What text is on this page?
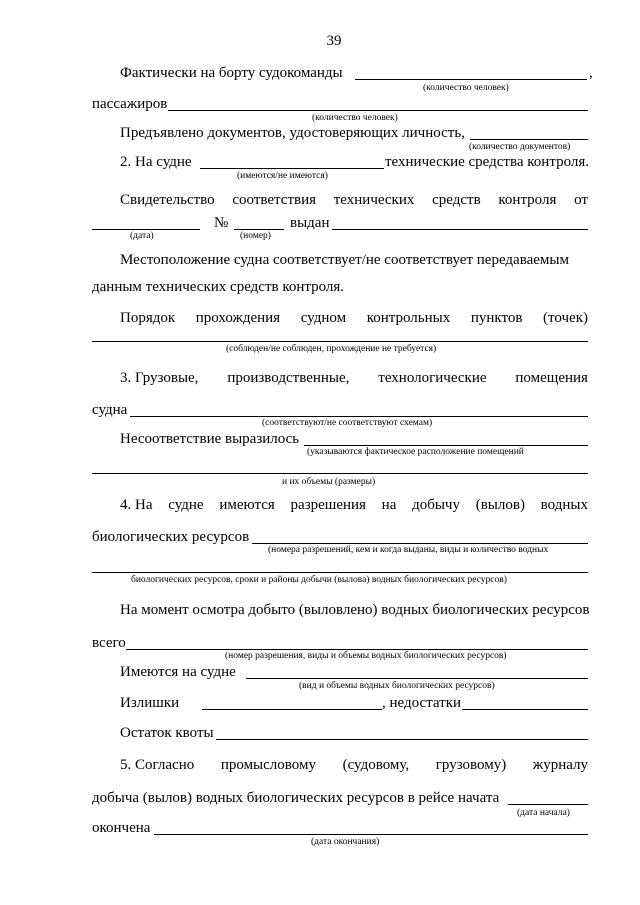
39
Фактически на борту судокоманды	,
(количество человек)
пассажиров
(количество человек)
Предъявлено документов, удостоверяющих личность,
(количество документов)
2. На судне	технические средства контроля.
(имеются/не имеются)
Свидетельство соответствия технических средств контроля от
№	выдан
(дата)	(номер)
Местоположение судна соответствует/не соответствует передаваемым
данным технических средств контроля.
Порядок прохождения судном контрольных пунктов (точек)
(соблюден/не соблюден, прохождение не требуется)
3. Грузовые, производственные, технологические помещения
судна
(соответствуют/не соответствуют схемам)
Несоответствие выразилось
(указываются фактическое расположение помещений
и их объемы (размеры)
4. На судне имеются разрешения на добычу (вылов) водных
биологических ресурсов
(номера разрешений, кем и когда выданы, виды и количество водных
биологических ресурсов, сроки и районы добычи (вылова) водных биологических ресурсов)
На момент осмотра добыто (выловлено) водных биологических ресурсов
всего
(номер разрешения, виды и объемы водных биологических ресурсов)
Имеются на судне
(вид и объемы водных биологических ресурсов)
Излишки	, недостатки
Остаток квоты
5. Согласно промысловому (судовому, грузовому) журналу
добыча (вылов) водных биологических ресурсов в рейсе начата
(дата начала)
окончена
(дата окончания)
